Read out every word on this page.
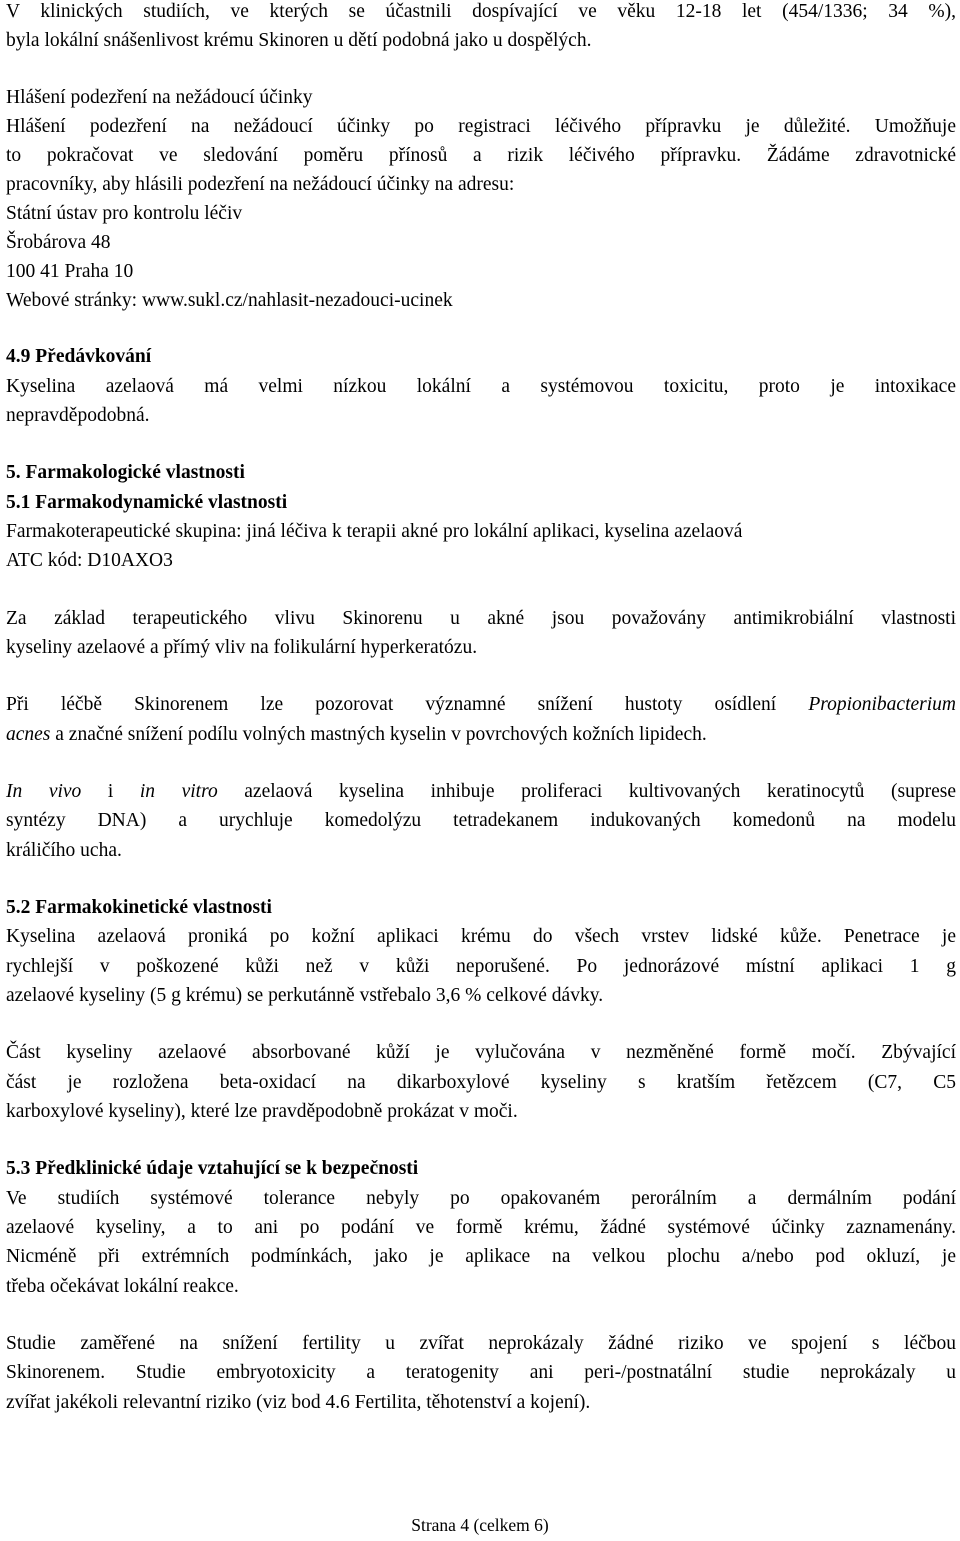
V klinických studiích, ve kterých se účastnili dospívající ve věku 12-18 let (454/1336; 34 %),
byla lokální snášenlivost krému Skinoren u dětí podobná jako u dospělých.
Hlášení podezření na nežádoucí účinky
Hlášení podezření na nežádoucí účinky po registraci léčivého přípravku je důležité. Umožňuje
to pokračovat ve sledování poměru přínosů a rizik léčivého přípravku. Žádáme zdravotnické
pracovníky, aby hlásili podezření na nežádoucí účinky na adresu:
Státní ústav pro kontrolu léčiv
Šrobárova 48
100 41 Praha 10
Webové stránky: www.sukl.cz/nahlasit-nezadouci-ucinek
4.9 Předávkování
Kyselina azelaová má velmi nízkou lokální a systémovou toxicitu, proto je intoxikace
nepravděpodobná.
5. Farmakologické vlastnosti
5.1 Farmakodynamické vlastnosti
Farmakoterapeutické skupina: jiná léčiva k terapii akné pro lokální aplikaci, kyselina azelaová
ATC kód: D10AXO3
Za základ terapeutického vlivu Skinorenu u akné jsou považovány antimikrobiální vlastnosti
kyseliny azelaové a přímý vliv na folikulární hyperkeratózu.
Při léčbě Skinorenem lze pozorovat významné snížení hustoty osídlení Propionibacterium
acnes a značné snížení podílu volných mastných kyselin v povrchových kožních lipidech.
In vivo i in vitro azelaová kyselina inhibuje proliferaci kultivovaných keratinocytů (suprese
syntézy DNA) a urychluje komedolýzu tetradekanem indukovaných komedonů na modelu
králičího ucha.
5.2 Farmakokinetické vlastnosti
Kyselina azelaová proniká po kožní aplikaci krému do všech vrstev lidské kůže. Penetrace je
rychlejší v poškozené kůži než v kůži neporušené. Po jednorázové místní aplikaci 1 g
azelaové kyseliny (5 g krému) se perkutánně vstřebalo 3,6 % celkové dávky.
Část kyseliny azelaové absorbované kůží je vylučována v nezměněné formě močí. Zbývající
část je rozložena beta-oxidací na dikarboxylové kyseliny s kratším řetězcem (C7, C5
karboxylové kyseliny), které lze pravděpodobně prokázat v moči.
5.3 Předklinické údaje vztahující se k bezpečnosti
Ve studiích systémové tolerance nebyly po opakovaném perorálním a dermálním podání
azelaové kyseliny, a to ani po podání ve formě krému, žádné systémové účinky zaznamenány.
Nicméně při extrémních podmínkách, jako je aplikace na velkou plochu a/nebo pod okluzí, je
třeba očekávat lokální reakce.
Studie zaměřené na snížení fertility u zvířat neprokázaly žádné riziko ve spojení s léčbou
Skinorenem. Studie embryotoxicity a teratogenity ani peri-/postnatální studie neprokázaly u
zvířat jakékoli relevantní riziko (viz bod 4.6 Fertilita, těhotenství a kojení).
Strana 4 (celkem 6)
